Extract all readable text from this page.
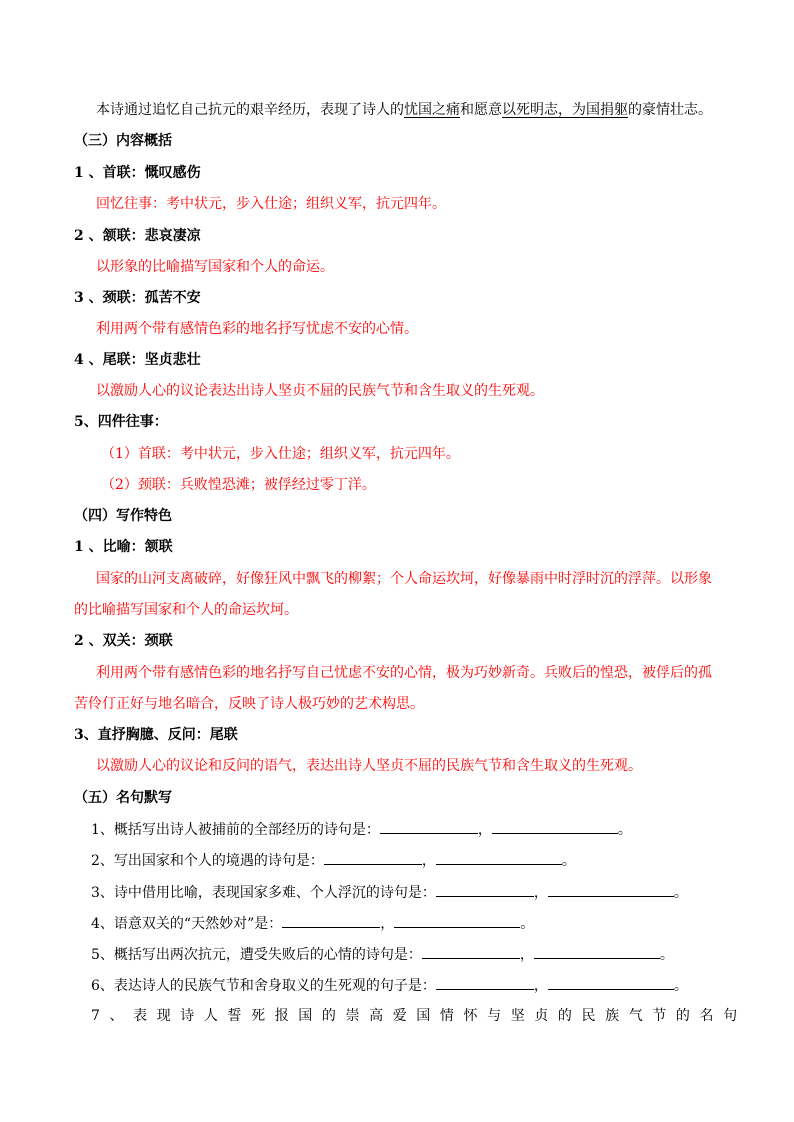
本诗通过追忆自己抗元的艰辛经历，表现了诗人的忧国之痛和愿意以死明志，为国捐躯的豪情壮志。
（三）内容概括
1 、首联：慨叹感伤
回忆往事：考中状元，步入仕途；组织义军，抗元四年。
2 、颔联：悲哀凄凉
以形象的比喻描写国家和个人的命运。
3 、颈联：孤苦不安
利用两个带有感情色彩的地名抒写忧虑不安的心情。
4 、尾联：坚贞悲壮
以激励人心的议论表达出诗人坚贞不屈的民族气节和含生取义的生死观。
5、四件往事：
（1）首联：考中状元，步入仕途；组织义军，抗元四年。
（2）颈联：兵败惶恐滩；被俘经过零丁洋。
（四）写作特色
1 、比喻：颔联
国家的山河支离破碎，好像狂风中飘飞的柳絮；个人命运坎坷，好像暴雨中时浮时沉的浮萍。以形象
的比喻描写国家和个人的命运坎坷。
2 、双关：颈联
利用两个带有感情色彩的地名抒写自己忧虑不安的心情，极为巧妙新奇。兵败后的惶恐，被俘后的孤
苦伶仃正好与地名暗合，反映了诗人极巧妙的艺术构思。
3、直抒胸臆、反问：尾联
以激励人心的议论和反问的语气，表达出诗人坚贞不屈的民族气节和含生取义的生死观。
（五）名句默写
1、概括写出诗人被捕前的全部经历的诗句是：	，	。
2、写出国家和个人的境遇的诗句是：	，	。
3、诗中借用比喻，表现国家多难、个人浮沉的诗句是：	，	。
4、语意双关的“天然妙对”是：	，	。
5、概括写出两次抗元，遭受失败后的心情的诗句是：	，	。
6、表达诗人的民族气节和舍身取义的生死观的句子是：	，	。
7、表现诗人誓死报国的崇高爱国情怀与坚贞的民族气节的名句
